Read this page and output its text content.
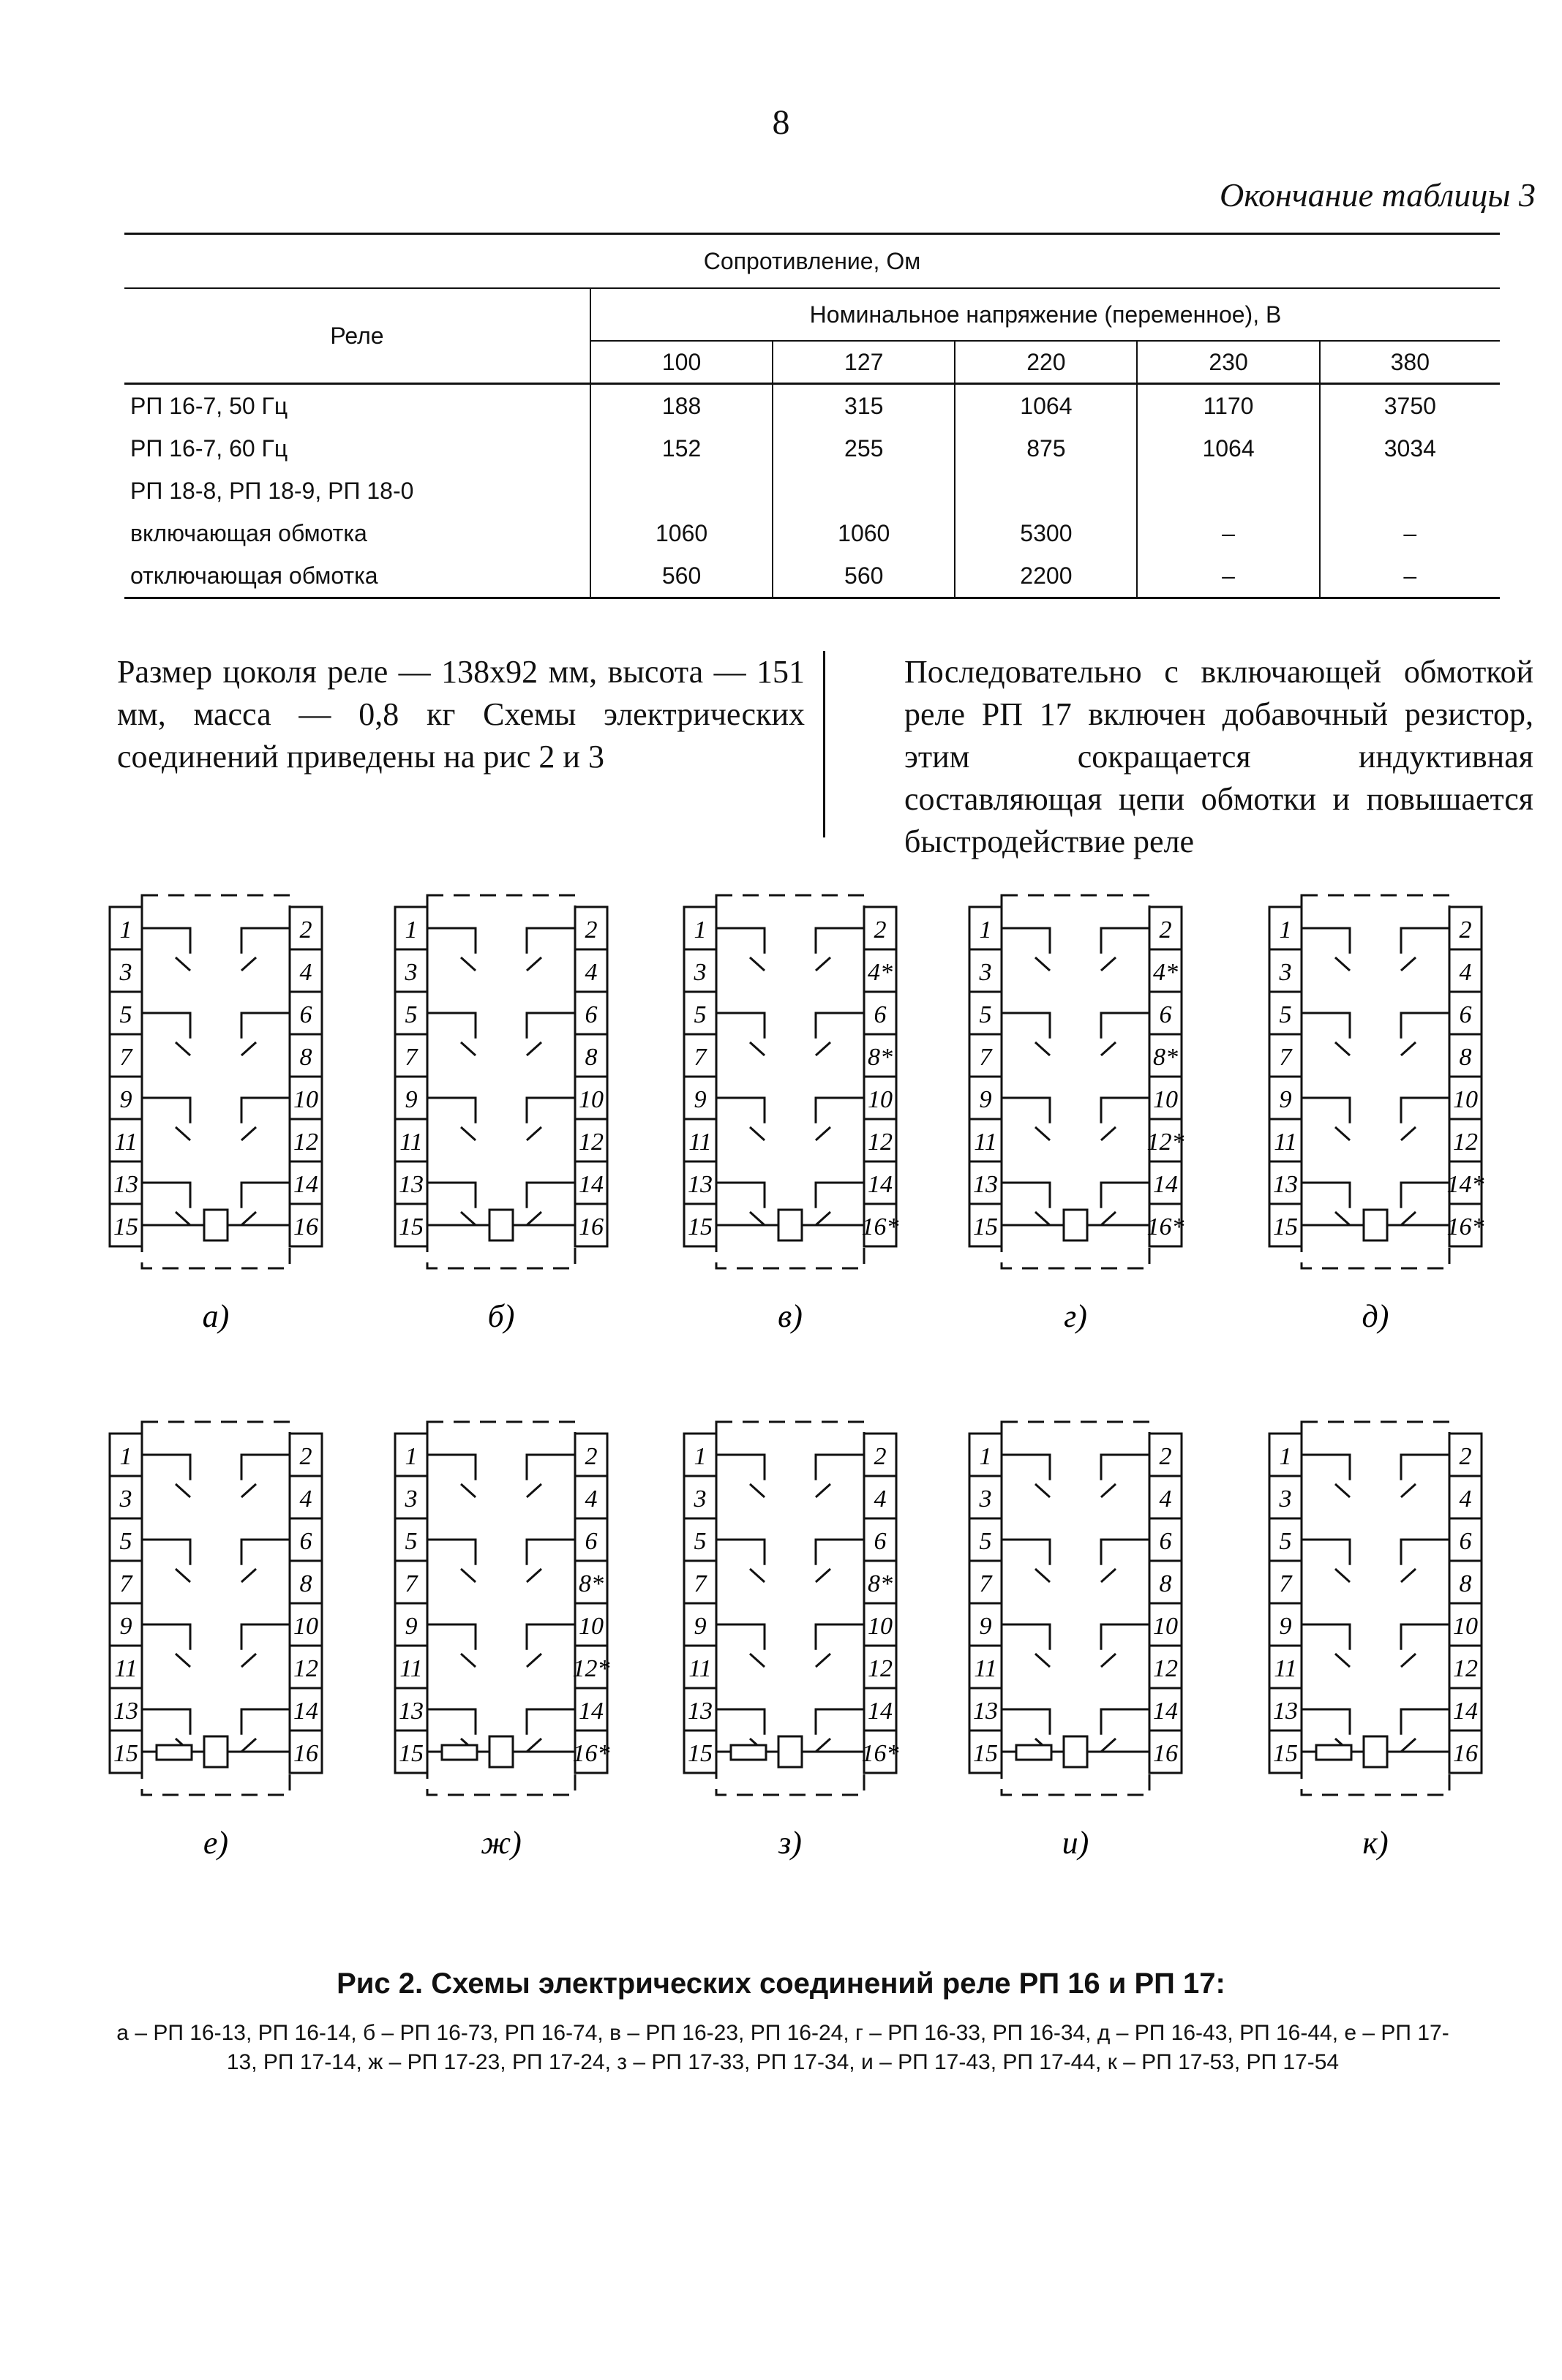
8
Окончание таблицы 3
Сопротивление, Ом					
Реле	Номинальное напряжение (переменное), В				
	100	127	220	230	380
РП 16-7, 50 Гц	188	315	1064	1170	3750
РП 16-7, 60 Гц	152	255	875	1064	3034
РП 18-8, РП 18-9, РП 18-0					
включающая обмотка	1060	1060	5300	–	–
отключающая обмотка	560	560	2200	–	–
Размер цоколя реле — 138х92 мм, высота — 151 мм, масса — 0,8 кг Схемы электрических соединений приведены на рис 2 и 3
Последовательно с включающей обмоткой реле РП 17 включен добавочный резистор, этим сокращается индуктивная составляющая цепи обмотки и повышается быстродействие реле
1	2
3	4
5	6
7	8
9	10
11	12
13	14
15	16
а)
1	2
3	4
5	6
7	8
9	10
11	12
13	14
15	16
б)
1	2
3	4*
5	6
7	8*
9	10
11	12
13	14
15	16*
в)
1	2
3	4*
5	6
7	8*
9	10
11	12*
13	14
15	16*
г)
1	2
3	4
5	6
7	8
9	10
11	12
13	14*
15	16*
д)
1	2
3	4
5	6
7	8
9	10
11	12
13	14
15	16
е)
1	2
3	4
5	6
7	8*
9	10
11	12*
13	14
15	16*
ж)
1	2
3	4
5	6
7	8*
9	10
11	12
13	14
15	16*
з)
1	2
3	4
5	6
7	8
9	10
11	12
13	14
15	16
и)
1	2
3	4
5	6
7	8
9	10
11	12
13	14
15	16
к)
Рис 2. Схемы электрических соединений реле РП 16 и РП 17:
а – РП 16-13, РП 16-14, б – РП 16-73, РП 16-74, в – РП 16-23, РП 16-24, г – РП 16-33, РП 16-34, д – РП 16-43, РП 16-44, е – РП 17-13, РП 17-14, ж – РП 17-23, РП 17-24, з – РП 17-33, РП 17-34, и – РП 17-43, РП 17-44, к – РП 17-53, РП 17-54
